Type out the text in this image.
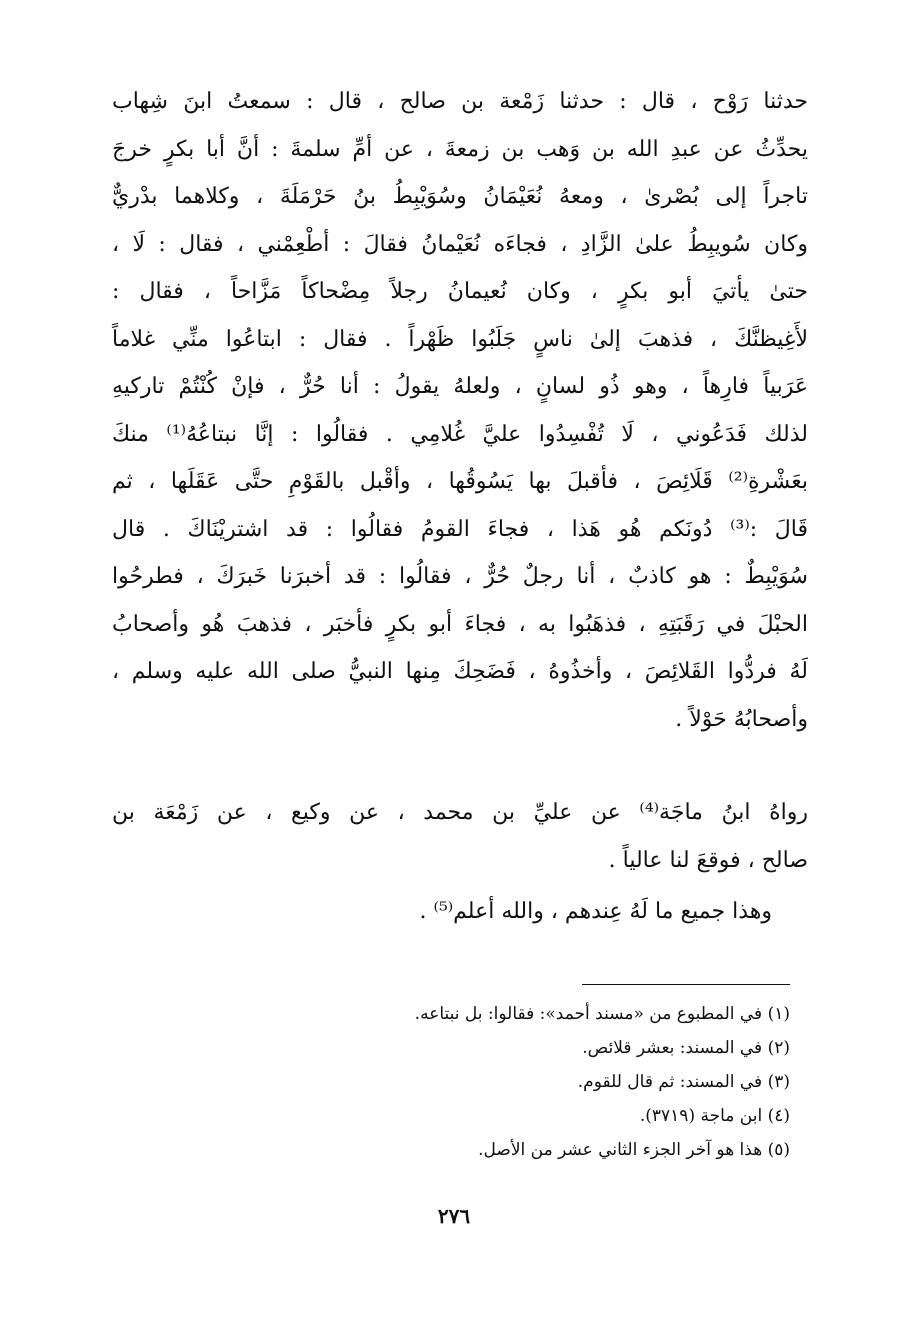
حدثنا رَوْح ، قال : حدثنا زَمْعة بن صالح ، قال : سمعتُ ابنَ شِهاب
يحدِّثُ عن عبدِ الله بن وَهب بن زمعةَ ، عن أمِّ سلمةَ : أنَّ أبا بكرٍ خرجَ
تاجراً إلى بُصْرىٰ ، ومعهُ نُعَيْمَانُ وسُوَيْبِطُ بنُ حَرْمَلَةَ ، وكلاهما بدْريٌّ
وكان سُويبِطُ علىٰ الزَّادِ ، فجاءَه نُعَيْمانُ فقالَ : أطْعِمْني ، فقال : لَا ،
حتىٰ يأتيَ أبو بكرٍ ، وكان نُعيمانُ رجلاً مِضْحاكاً مَزَّاحاً ، فقال :
لأَغِيظنَّكَ ، فذهبَ إلىٰ ناسٍ جَلَبُوا ظَهْراً . فقال : ابتاعُوا منِّي غلاماً
عَرَبياً فارِهاً ، وهو ذُو لسانٍ ، ولعلهُ يقولُ : أنا حُرٌّ ، فإنْ كُنْتُمْ تاركيهِ
لذلك فَدَعُوني ، لَا تُفْسِدُوا عليَّ غُلامِي . فقالُوا : إنَّا نبتاعُهُ⁽¹⁾ منكَ
بعَشْرةِ⁽²⁾ قَلَائِصَ ، فأقبلَ بها يَسُوقُها ، وأقْبل بالقَوْمِ حتَّى عَقَلَها ، ثم
قَالَ :⁽³⁾ دُونَكم هُو هَذا ، فجاءَ القومُ فقالُوا : قد اشتريْنَاكَ . قال
سُوَيْبِطٌ : هو كاذبٌ ، أنا رجلٌ حُرٌّ ، فقالُوا : قد أخبرَنا خَبرَكَ ، فطرحُوا
الحبْلَ في رَقَبَتِهِ ، فذهَبُوا به ، فجاءَ أبو بكرٍ فأخبَر ، فذهبَ هُو وأصحابُ
لَهُ فردُّوا القَلائِصَ ، وأخذُوهُ ، فَضَحِكَ مِنها النبيُّ صلى الله عليه وسلم ،
وأصحابُهُ حَوْلاً .
رواهُ ابنُ ماجَة⁽⁴⁾ عن عليِّ بن محمد ، عن وكيع ، عن زَمْعَة بن
صالح ، فوقعَ لنا عالياً .
وهذا جميع ما لَهُ عِندهم ، والله أعلم⁽⁵⁾ .
(١) في المطبوع من «مسند أحمد»: فقالوا: بل نبتاعه.
(٢) في المسند: بعشر قلائص.
(٣) في المسند: ثم قال للقوم.
(٤) ابن ماجة (٣٧١٩).
(٥) هذا هو آخر الجزء الثاني عشر من الأصل.
٢٧٦
